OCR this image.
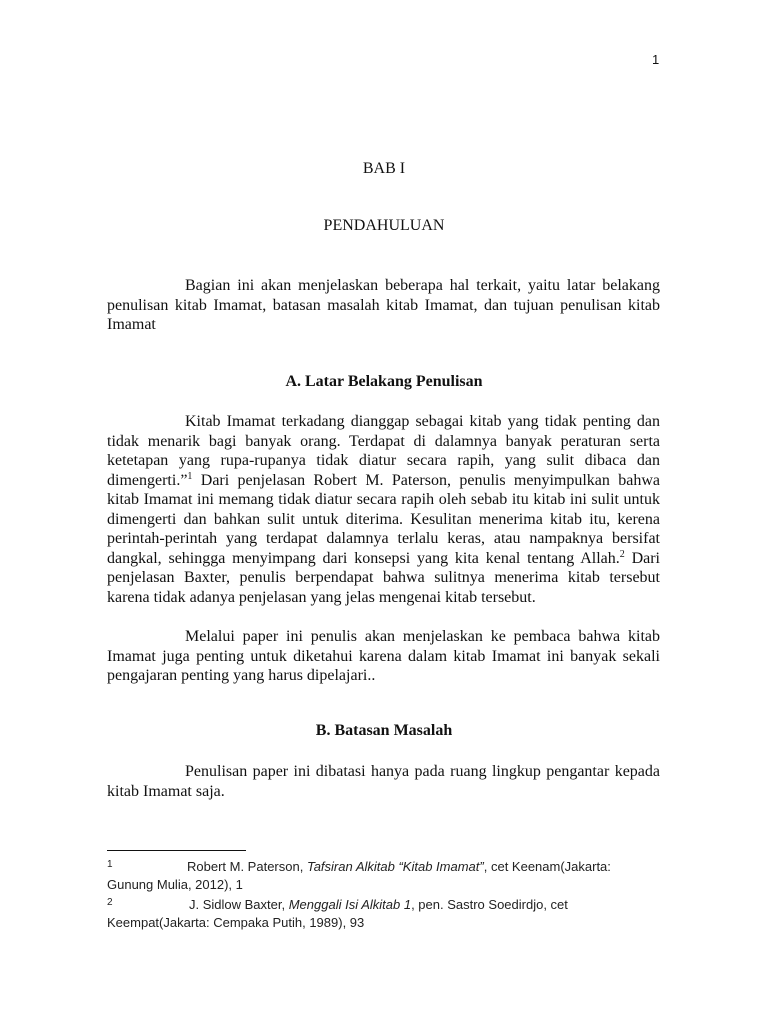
1
BAB I
PENDAHULUAN

Bagian ini akan menjelaskan beberapa hal terkait, yaitu latar belakang penulisan kitab Imamat, batasan masalah kitab Imamat, dan tujuan penulisan kitab Imamat

A. Latar Belakang Penulisan

Kitab Imamat terkadang dianggap sebagai kitab yang tidak penting dan tidak menarik bagi banyak orang. Terdapat di dalamnya banyak peraturan serta ketetapan yang rupa-rupanya tidak diatur secara rapih, yang sulit dibaca dan dimengerti.”$^1$ Dari penjelasan Robert M. Paterson, penulis menyimpulkan bahwa kitab Imamat ini memang tidak diatur secara rapih oleh sebab itu kitab ini sulit untuk dimengerti dan bahkan sulit untuk diterima. Kesulitan menerima kitab itu, kerena perintah-perintah yang terdapat dalamnya terlalu keras, atau nampaknya bersifat dangkal, sehingga menyimpang dari konsepsi yang kita kenal tentang Allah.$^2$ Dari penjelasan Baxter, penulis berpendapat bahwa sulitnya menerima kitab tersebut karena tidak adanya penjelasan yang jelas mengenai kitab tersebut.

Melalui paper ini penulis akan menjelaskan ke pembaca bahwa kitab Imamat juga penting untuk diketahui karena dalam kitab Imamat ini banyak sekali pengajaran penting yang harus dipelajari..

B. Batasan Masalah

Penulisan paper ini dibatasi hanya pada ruang lingkup pengantar kepada kitab Imamat saja.

1	Robert M. Paterson, Tafsiran Alkitab “Kitab Imamat”, cet Keenam(Jakarta:
Gunung Mulia, 2012), 1
2	J. Sidlow Baxter, Menggali Isi Alkitab 1, pen. Sastro Soedirdjo, cet
Keempat(Jakarta: Cempaka Putih, 1989), 93
